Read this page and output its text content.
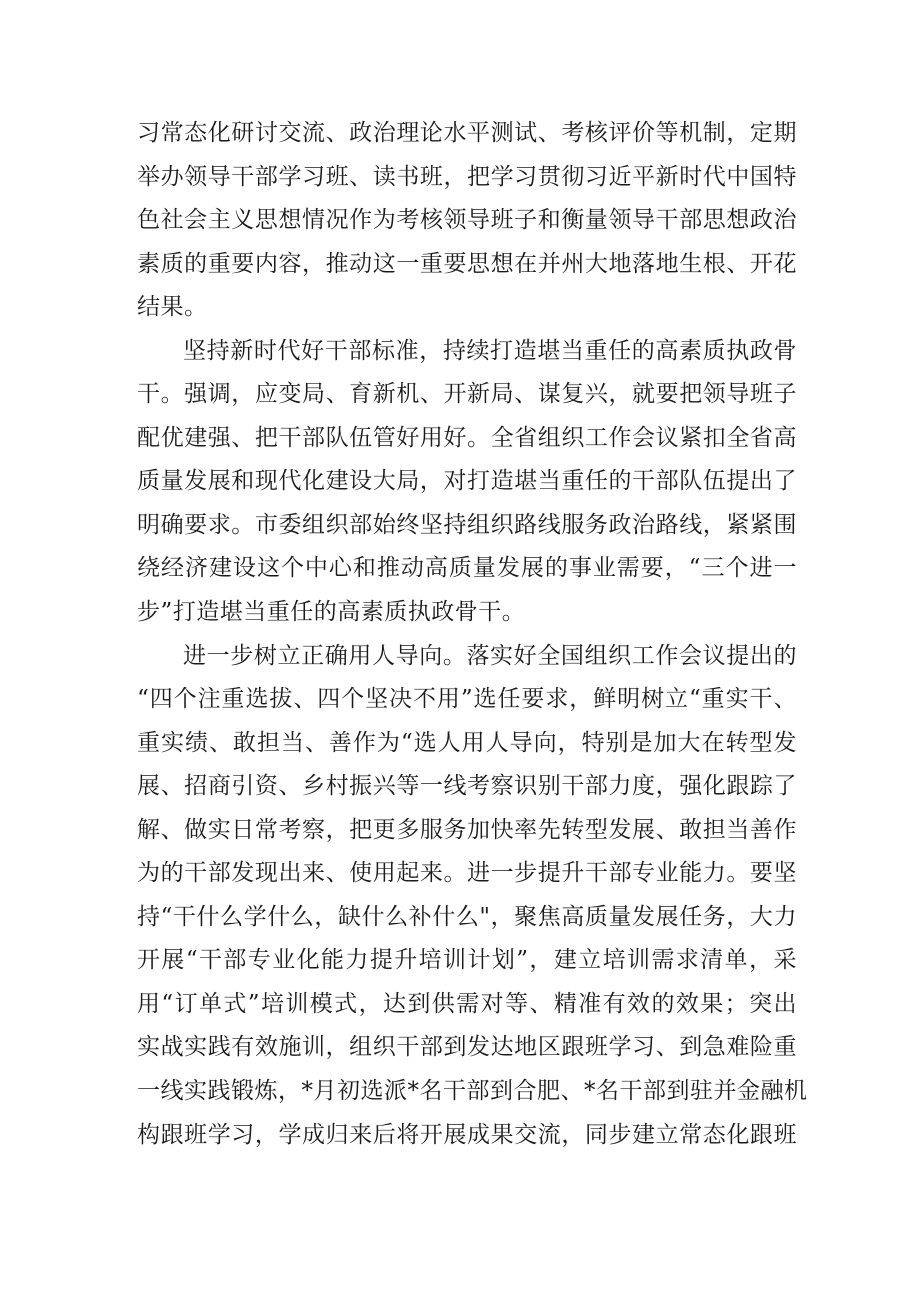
习常态化研讨交流、政治理论水平测试、考核评价等机制，定期
举办领导干部学习班、读书班，把学习贯彻习近平新时代中国特
色社会主义思想情况作为考核领导班子和衡量领导干部思想政治
素质的重要内容，推动这一重要思想在并州大地落地生根、开花
结果。
坚持新时代好干部标准，持续打造堪当重任的高素质执政骨
干。强调，应变局、育新机、开新局、谋复兴，就要把领导班子
配优建强、把干部队伍管好用好。全省组织工作会议紧扣全省高
质量发展和现代化建设大局，对打造堪当重任的干部队伍提出了
明确要求。市委组织部始终坚持组织路线服务政治路线，紧紧围
绕经济建设这个中心和推动高质量发展的事业需要，“三个进一
步”打造堪当重任的高素质执政骨干。
进一步树立正确用人导向。落实好全国组织工作会议提出的
“四个注重选拔、四个坚决不用”选任要求，鲜明树立“重实干、
重实绩、敢担当、善作为“选人用人导向，特别是加大在转型发
展、招商引资、乡村振兴等一线考察识别干部力度，强化跟踪了
解、做实日常考察，把更多服务加快率先转型发展、敢担当善作
为的干部发现出来、使用起来。进一步提升干部专业能力。要坚
持“干什么学什么，缺什么补什么"，聚焦高质量发展任务，大力
开展“干部专业化能力提升培训计划”，建立培训需求清单，采
用“订单式”培训模式，达到供需对等、精准有效的效果；突出
实战实践有效施训，组织干部到发达地区跟班学习、到急难险重
一线实践锻炼，*月初选派*名干部到合肥、*名干部到驻并金融机
构跟班学习，学成归来后将开展成果交流，同步建立常态化跟班
